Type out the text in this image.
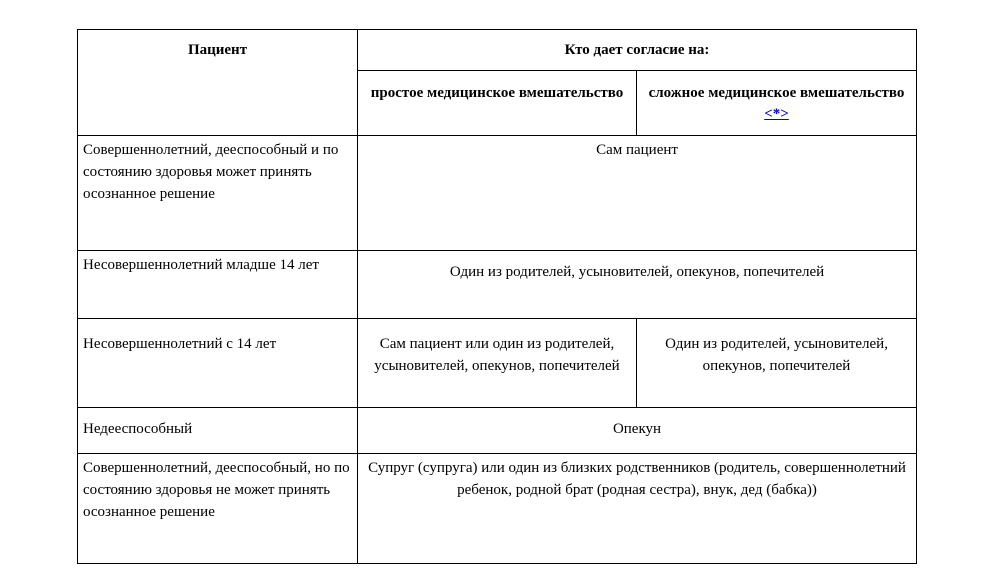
Пациент	Кто дает согласие на:	
	простое медицинское вмешательство	сложное медицинское вмешательство <*>
Совершеннолетний, дееспособный и по состоянию здоровья может принять осознанное решение	Сам пациент	
Несовершеннолетний младше 14 лет	Один из родителей, усыновителей, опекунов, попечителей	
Несовершеннолетний с 14 лет	Сам пациент или один из родителей, усыновителей, опекунов, попечителей	Один из родителей, усыновителей, опекунов, попечителей
Недееспособный	Опекун	
Совершеннолетний, дееспособный, но по состоянию здоровья не может принять осознанное решение	Супруг (супруга) или один из близких родственников (родитель, совершеннолетний ребенок, родной брат (родная сестра), внук, дед (бабка))	
